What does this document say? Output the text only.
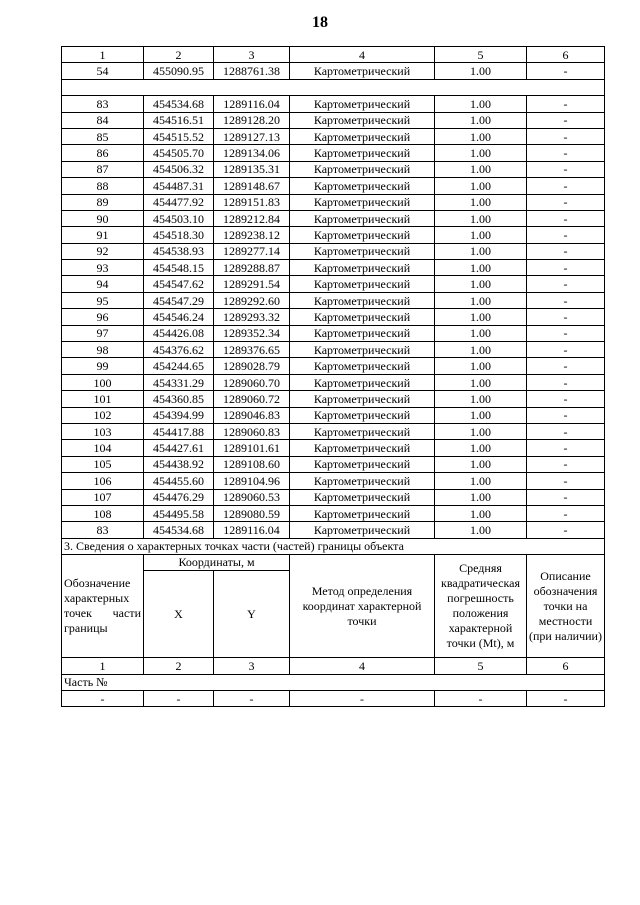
18
1	2	3	4	5	6
54	455090.95	1288761.38	Картометрический	1.00	-

83	454534.68	1289116.04	Картометрический	1.00	-
84	454516.51	1289128.20	Картометрический	1.00	-
85	454515.52	1289127.13	Картометрический	1.00	-
86	454505.70	1289134.06	Картометрический	1.00	-
87	454506.32	1289135.31	Картометрический	1.00	-
88	454487.31	1289148.67	Картометрический	1.00	-
89	454477.92	1289151.83	Картометрический	1.00	-
90	454503.10	1289212.84	Картометрический	1.00	-
91	454518.30	1289238.12	Картометрический	1.00	-
92	454538.93	1289277.14	Картометрический	1.00	-
93	454548.15	1289288.87	Картометрический	1.00	-
94	454547.62	1289291.54	Картометрический	1.00	-
95	454547.29	1289292.60	Картометрический	1.00	-
96	454546.24	1289293.32	Картометрический	1.00	-
97	454426.08	1289352.34	Картометрический	1.00	-
98	454376.62	1289376.65	Картометрический	1.00	-
99	454244.65	1289028.79	Картометрический	1.00	-
100	454331.29	1289060.70	Картометрический	1.00	-
101	454360.85	1289060.72	Картометрический	1.00	-
102	454394.99	1289046.83	Картометрический	1.00	-
103	454417.88	1289060.83	Картометрический	1.00	-
104	454427.61	1289101.61	Картометрический	1.00	-
105	454438.92	1289108.60	Картометрический	1.00	-
106	454455.60	1289104.96	Картометрический	1.00	-
107	454476.29	1289060.53	Картометрический	1.00	-
108	454495.58	1289080.59	Картометрический	1.00	-
83	454534.68	1289116.04	Картометрический	1.00	-
3. Сведения о характерных точках части (частей) границы объекта					
Обозначение характерных точек части границы	Координаты, м		Метод определения координат характерной точки	Средняя квадратическая погрешность положения характерной точки (Mt), м	Описание обозначения точки на местности (при наличии)
	X	Y			
1	2	3	4	5	6
Часть №					
-	-	-	-	-	-
